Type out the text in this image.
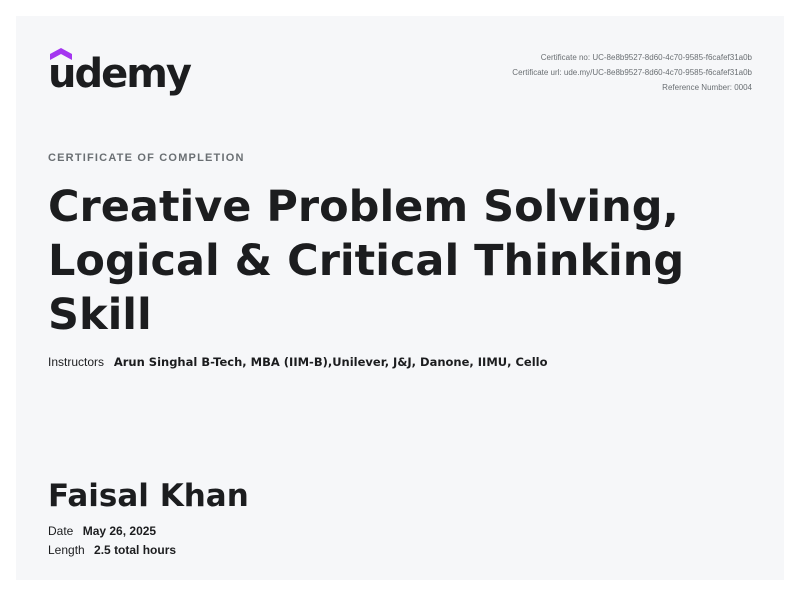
udemy	Certificate no: UC-8e8b9527-8d60-4c70-9585-f6cafef31a0b
Certificate url: ude.my/UC-8e8b9527-8d60-4c70-9585-f6cafef31a0b
Reference Number: 0004
CERTIFICATE OF COMPLETION
Creative Problem Solving, Logical & Critical Thinking Skill
Instructors Arun Singhal B-Tech, MBA (IIM-B),Unilever, J&J, Danone, IIMU, Cello
Faisal Khan
Date May 26, 2025
Length 2.5 total hours
